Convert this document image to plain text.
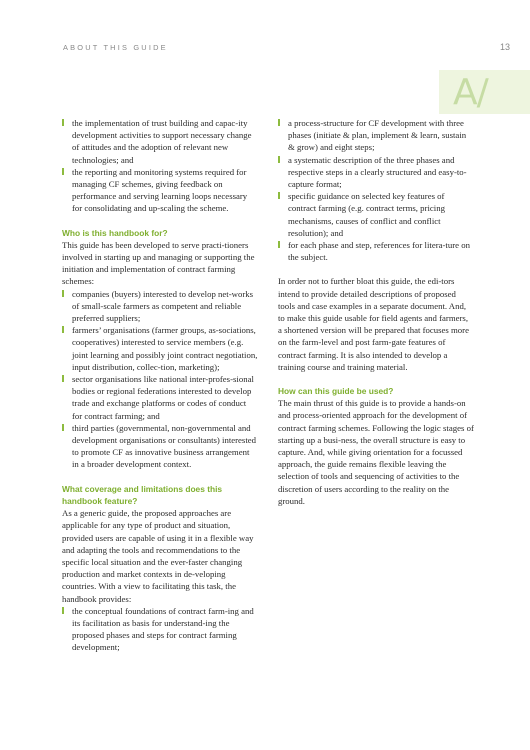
ABOUT THIS GUIDE	13
A/
the implementation of trust building and capac-ity development activities to support necessary change of attitudes and the adoption of relevant new technologies; and
the reporting and monitoring systems required for managing CF schemes, giving feedback on performance and serving learning loops necessary for consolidating and up-scaling the scheme.
Who is this handbook for?

This guide has been developed to serve practi-tioners involved in starting up and managing or supporting the initiation and implementation of contract farming schemes:

companies (buyers) interested to develop net-works of small-scale farmers as competent and reliable preferred suppliers;
farmers’ organisations (farmer groups, as-sociations, cooperatives) interested to service members (e.g. joint learning and possibly joint contract negotiation, input distribution, collec-tion, marketing);
sector organisations like national inter-profes-sional bodies or regional federations interested to develop trade and exchange platforms or codes of conduct for contract farming; and
third parties (governmental, non-governmental and development organisations or consultants) interested to promote CF as innovative business arrangement in a broader development context.
What coverage and limitations does this handbook feature?

As a generic guide, the proposed approaches are applicable for any type of product and situation, provided users are capable of using it in a flexible way and adapting the tools and recommendations to the specific local situation and the ever-faster changing production and market contexts in de-veloping countries. With a view to facilitating this task, the handbook provides:

the conceptual foundations of contract farm-ing and its facilitation as basis for understand-ing the proposed phases and steps for contract farming development;
a process-structure for CF development with three phases (initiate & plan, implement & learn, sustain & grow) and eight steps;
a systematic description of the three phases and respective steps in a clearly structured and easy-to-capture format;
specific guidance on selected key features of contract farming (e.g. contract terms, pricing mechanisms, causes of conflict and conflict resolution); and
for each phase and step, references for litera-ture on the subject.

In order not to further bloat this guide, the edi-tors intend to provide detailed descriptions of proposed tools and case examples in a separate document. And, to make this guide usable for field agents and farmers, a shortened version will be prepared that focuses more on the farm-level and post farm-gate features of contract farming. It is also intended to develop a training course and training material.

How can this guide be used?

The main thrust of this guide is to provide a hands-on and process-oriented approach for the development of contract farming schemes. Following the logic stages of starting up a busi-ness, the overall structure is easy to capture. And, while giving orientation for a focussed approach, the guide remains flexible leaving the selection of tools and sequencing of activities to the discretion of users according to the reality on the ground.
